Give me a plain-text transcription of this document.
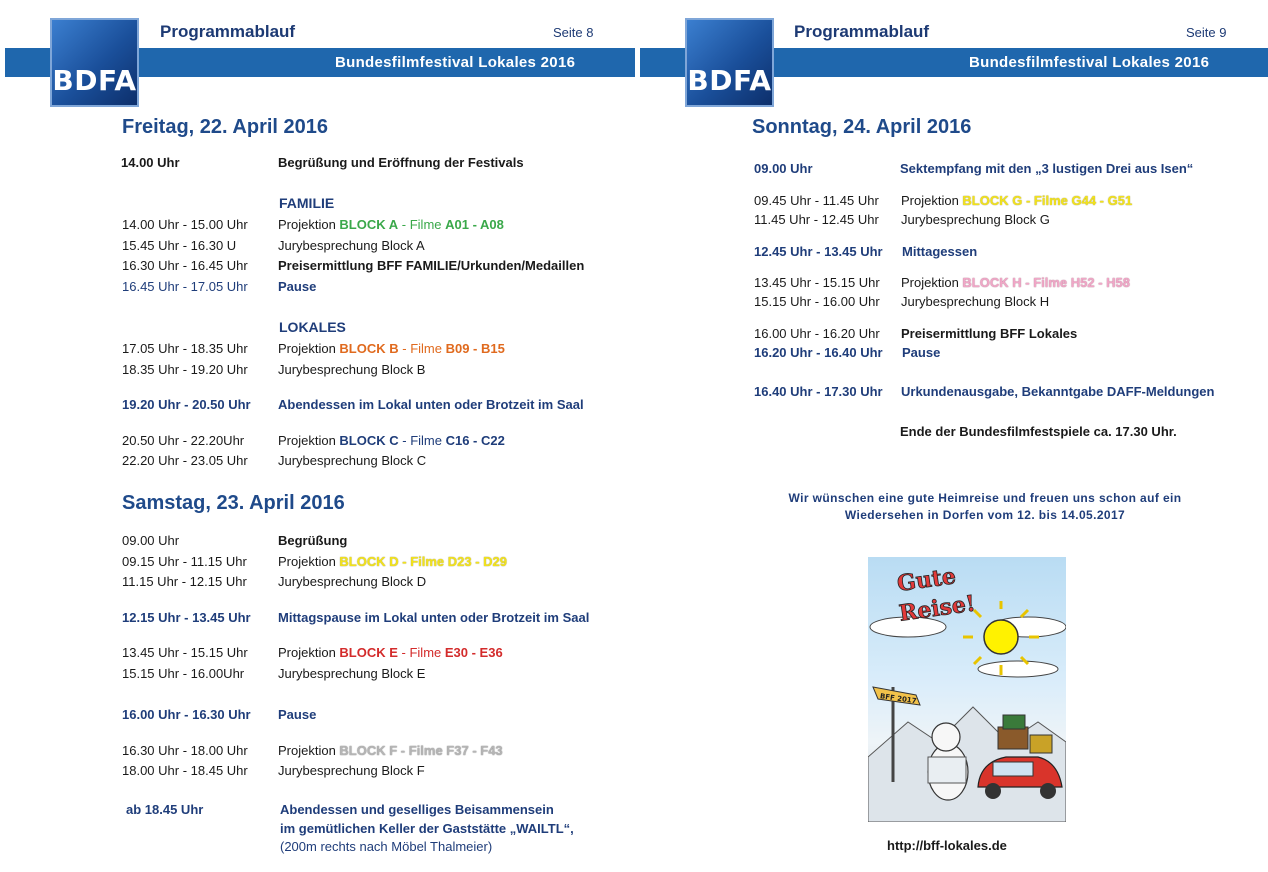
BDFA
Programmablauf	Seite 8
Bundesfilmfestival Lokales 2016
BDFA
Programmablauf	Seite 9
Bundesfilmfestival Lokales 2016
Freitag, 22. April 2016
14.00 Uhr	Begrüßung und Eröffnung der Festivals
FAMILIE
14.00 Uhr - 15.00 Uhr Projektion BLOCK A - Filme A01 - A08
15.45 Uhr - 16.30 U	Jurybesprechung Block A
16.30 Uhr - 16.45 Uhr Preisermittlung BFF FAMILIE/Urkunden/Medaillen
16.45 Uhr - 17.05 Uhr Pause
LOKALES
17.05 Uhr - 18.35 Uhr Projektion BLOCK B - Filme B09 - B15
18.35 Uhr - 19.20 Uhr Jurybesprechung Block B
19.20 Uhr - 20.50 Uhr Abendessen im Lokal unten oder Brotzeit im Saal
20.50 Uhr - 22.20Uhr	Projektion BLOCK C - Filme C16 - C22
22.20 Uhr - 23.05 Uhr Jurybesprechung Block C
Samstag, 23. April 2016
09.00 Uhr	Begrüßung
09.15 Uhr - 11.15 Uhr Projektion BLOCK D - Filme D23 - D29
11.15 Uhr - 12.15 Uhr Jurybesprechung Block D
12.15 Uhr - 13.45 Uhr Mittagspause im Lokal unten oder Brotzeit im Saal
13.45 Uhr - 15.15 Uhr Projektion BLOCK E - Filme E30 - E36
15.15 Uhr - 16.00Uhr	Jurybesprechung Block E
16.00 Uhr - 16.30 Uhr Pause
16.30 Uhr - 18.00 Uhr Projektion BLOCK F - Filme F37 - F43
18.00 Uhr - 18.45 Uhr Jurybesprechung Block F
ab 18.45 Uhr	Abendessen und geselliges Beisammensein
im gemütlichen Keller der Gaststätte „WAILTL“,
(200m rechts nach Möbel Thalmeier)
Sonntag, 24. April 2016
09.00 Uhr	Sektempfang mit den „3 lustigen Drei aus Isen“
09.45 Uhr - 11.45 Uhr Projektion BLOCK G - Filme G44 - G51
11.45 Uhr - 12.45 Uhr Jurybesprechung Block G
12.45 Uhr - 13.45 Uhr Mittagessen
13.45 Uhr - 15.15 Uhr Projektion BLOCK H - Filme H52 - H58
15.15 Uhr - 16.00 Uhr Jurybesprechung Block H
16.00 Uhr - 16.20 Uhr Preisermittlung BFF Lokales
16.20 Uhr - 16.40 Uhr Pause
16.40 Uhr - 17.30 Uhr Urkundenausgabe, Bekanntgabe DAFF-Meldungen
Ende der Bundesfilmfestspiele ca. 17.30 Uhr.
Wir wünschen eine gute Heimreise und freuen uns schon auf ein
Wiedersehen in Dorfen vom 12. bis 14.05.2017
Gute
Reise!
BFF 2017
http://bff-lokales.de
